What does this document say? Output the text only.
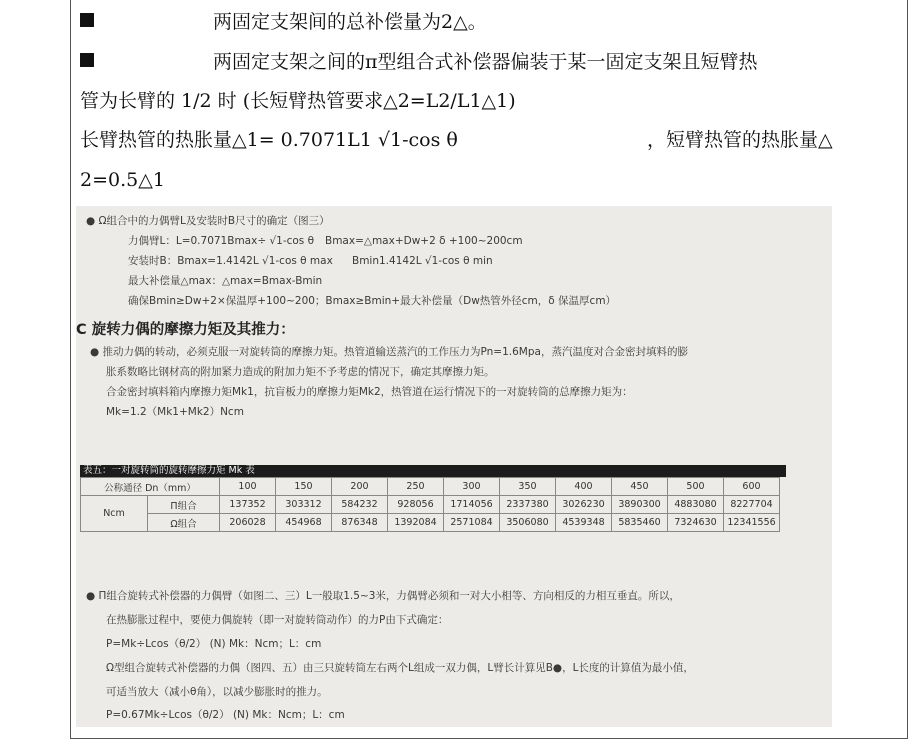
两固定支架间的总补偿量为2△。
两固定支架之间的π型组合式补偿器偏装于某一固定支架且短臂热
管为长臂的 1/2 时 (长短臂热管要求△2=L2/L1△1)
长臂热管的热胀量△1= 0.7071L1 √1-cos θ	，短臂热管的热胀量△
2=0.5△1
● Ω组合中的力偶臂L及安装时B尺寸的确定（图三）
力偶臂L：L=0.7071Bmax÷ √1-cos θ Bmax=△max+Dw+2 δ +100~200cm
安装时B：Bmax=1.4142L √1-cos θ max Bmin1.4142L √1-cos θ min
最大补偿量△max：△max=Bmax-Bmin
确保Bmin≥Dw+2×保温厚+100~200；Bmax≥Bmin+最大补偿量（Dw热管外径cm，δ 保温厚cm）
C 旋转力偶的摩擦力矩及其推力：
● 推动力偶的转动，必须克服一对旋转筒的摩擦力矩。热管道输送蒸汽的工作压力为Pn=1.6Mpa，蒸汽温度对合金密封填料的膨
胀系数略比钢材高的附加紧力造成的附加力矩不予考虑的情况下，确定其摩擦力矩。
合金密封填料箱内摩擦力矩Mk1，抗盲板力的摩擦力矩Mk2，热管道在运行情况下的一对旋转筒的总摩擦力矩为：
Mk=1.2（Mk1+Mk2）Ncm
表五：一对旋转筒的旋转摩擦力矩 Mk 表
公称通径 Dn（mm）		100	150	200	250	300	350	400	450	500	600
Ncm	Π组合	137352	303312	584232	928056	1714056	2337380	3026230	3890300	4883080	8227704
	Ω组合	206028	454968	876348	1392084	2571084	3506080	4539348	5835460	7324630	12341556
● Π组合旋转式补偿器的力偶臂（如图二、三）L一般取1.5~3米，力偶臂必须和一对大小相等、方向相反的力相互垂直。所以，
在热膨胀过程中，要使力偶旋转（即一对旋转筒动作）的力P由下式确定：
P=Mk÷Lcos（θ/2） (N) Mk：Ncm；L：cm
Ω型组合旋转式补偿器的力偶（图四、五）由三只旋转筒左右两个L组成一双力偶，L臂长计算见B●，L长度的计算值为最小值，
可适当放大（减小θ角），以减少膨胀时的推力。
P=0.67Mk÷Lcos（θ/2） (N) Mk：Ncm；L：cm
